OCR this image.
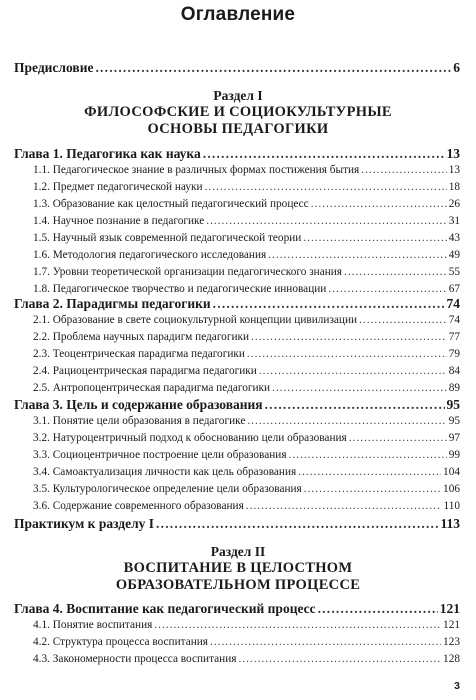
Оглавление
Предисловие .....	6
Раздел I
ФИЛОСОФСКИЕ И СОЦИОКУЛЬТУРНЫЕ
ОСНОВЫ ПЕДАГОГИКИ
Глава 1. Педагогика как наука .....	13
1.1. Педагогическое знание в различных формах постижения бытия .....	13
1.2. Предмет педагогической науки .....	18
1.3. Образование как целостный педагогический процесс .....	26
1.4. Научное познание в педагогике .....	31
1.5. Научный язык современной педагогической теории .....	43
1.6. Методология педагогического исследования .....	49
1.7. Уровни теоретической организации педагогического знания .....	55
1.8. Педагогическое творчество и педагогические инновации .....	67
Глава 2. Парадигмы педагогики .....	74
2.1. Образование в свете социокультурной концепции цивилизации .....	74
2.2. Проблема научных парадигм педагогики .....	77
2.3. Теоцентрическая парадигма педагогики .....	79
2.4. Рациоцентрическая парадигма педагогики .....	84
2.5. Антропоцентрическая парадигма педагогики .....	89
Глава 3. Цель и содержание образования .....	95
3.1. Понятие цели образования в педагогике .....	95
3.2. Натуроцентричный подход к обоснованию цели образования .....	97
3.3. Социоцентричное построение цели образования .....	99
3.4. Самоактуализация личности как цель образования .....	104
3.5. Культурологическое определение цели образования .....	106
3.6. Содержание современного образования .....	110
Практикум к разделу I .....	113
Раздел II
ВОСПИТАНИЕ В ЦЕЛОСТНОМ
ОБРАЗОВАТЕЛЬНОМ ПРОЦЕССЕ
Глава 4. Воспитание как педагогический процесс .....	121
4.1. Понятие воспитания .....	121
4.2. Структура процесса воспитания .....	123
4.3. Закономерности процесса воспитания .....	128
3
